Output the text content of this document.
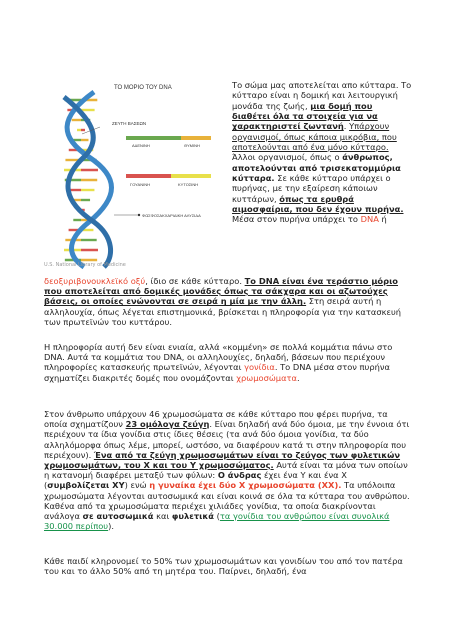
ΤΟ ΜΟΡΙΟ ΤΟΥ DNA
ΖΕΥΓΗ ΒΑΣΕΩΝ
ΑΔΕΝΙΝΗ	ΘΥΜΙΝΗ
ΓΟΥΑΝΙΝΗ	ΚΥΤΟΣΙΝΗ
ΦΩΣΦΟΣΑΚΧΑΡΙΔΙΚΗ ΑΛΥΣΙΔΑ
U.S. National Library of Medicine
Το σώμα μας αποτελείται απο κύτταρα. Το κύτταρο είναι η δομική και λειτουργική μονάδα της ζωής, μια δομή που διαθέτει όλα τα στοιχεία για να χαρακτηριστεί ζωντανή. Υπάρχουν οργανισμοί, όπως κάποια μικρόβια, που αποτελούνται από ένα μόνο κύτταρο. Άλλοι οργανισμοί, όπως ο άνθρωπος, αποτελούνται από τρισεκατομμύρια κύτταρα. Σε κάθε κύτταρο υπάρχει ο πυρήνας, με την εξαίρεση κάποιων κυττάρων, όπως τα ερυθρά αιμοσφαίρια, που δεν έχουν πυρήνα. Μέσα στον πυρήνα υπάρχει το DNA ή

δεοξυριβονουκλεϊκό οξύ, ίδιο σε κάθε κύτταρο. Το DNA είναι ένα τεράστιο μόριο που αποτελείται από δομικές μονάδες όπως τα σάκχαρα και οι αζωτούχες βάσεις, οι οποίες ενώνονται σε σειρά η μία με την άλλη. Στη σειρά αυτή η αλληλουχία, όπως λέγεται επιστημονικά, βρίσκεται η πληροφορία για την κατασκευή των πρωτεϊνών του κυττάρου.

Η πληροφορία αυτή δεν είναι ενιαία, αλλά «κομμένη» σε πολλά κομμάτια πάνω στο DNA. Αυτά τα κομμάτια του DNA, οι αλληλουχίες, δηλαδή, βάσεων που περιέχουν πληροφορίες κατασκευής πρωτεϊνών, λέγονται γονίδια. Το DNA μέσα στον πυρήνα σχηματίζει διακριτές δομές που ονομάζονται χρωμοσώματα.

Στον άνθρωπο υπάρχουν 46 χρωμοσώματα σε κάθε κύτταρο που φέρει πυρήνα, τα οποία σχηματίζουν 23 ομόλογα ζεύγη. Είναι δηλαδή ανά δύο όμοια, με την έννοια ότι περιέχουν τα ίδια γονίδια στις ίδιες θέσεις (τα ανά δύο όμοια γονίδια, τα δύο αλληλόμορφα όπως λέμε, μπορεί, ωστόσο, να διαφέρουν κατά τι στην πληροφορία που περιέχουν). Ένα από τα ζεύγη χρωμοσωμάτων είναι το ζεύγος των φυλετικών χρωμοσωμάτων, του X και του Υ χρωμοσώματος. Αυτά είναι τα μόνα των οποίων η κατανομή διαφέρει μεταξύ των φύλων: Ο άνδρας έχει ένα Υ και ένα X (συμβολίζεται XY) ενώ η γυναίκα έχει δύο X χρωμοσώματα (XX). Τα υπόλοιπα χρωμοσώματα λέγονται αυτοσωμικά και είναι κοινά σε όλα τα κύτταρα του ανθρώπου. Καθένα από τα χρωμοσώματα περιέχει χιλιάδες γονίδια, τα οποία διακρίνονται ανάλογα σε αυτοσωμικά και φυλετικά (τα γονίδια του ανθρώπου είναι συνολικά 30.000 περίπου).

Κάθε παιδί κληρονομεί το 50% των χρωμοσωμάτων και γονιδίων του από τον πατέρα του και το άλλο 50% από τη μητέρα του. Παίρνει, δηλαδή, ένα
